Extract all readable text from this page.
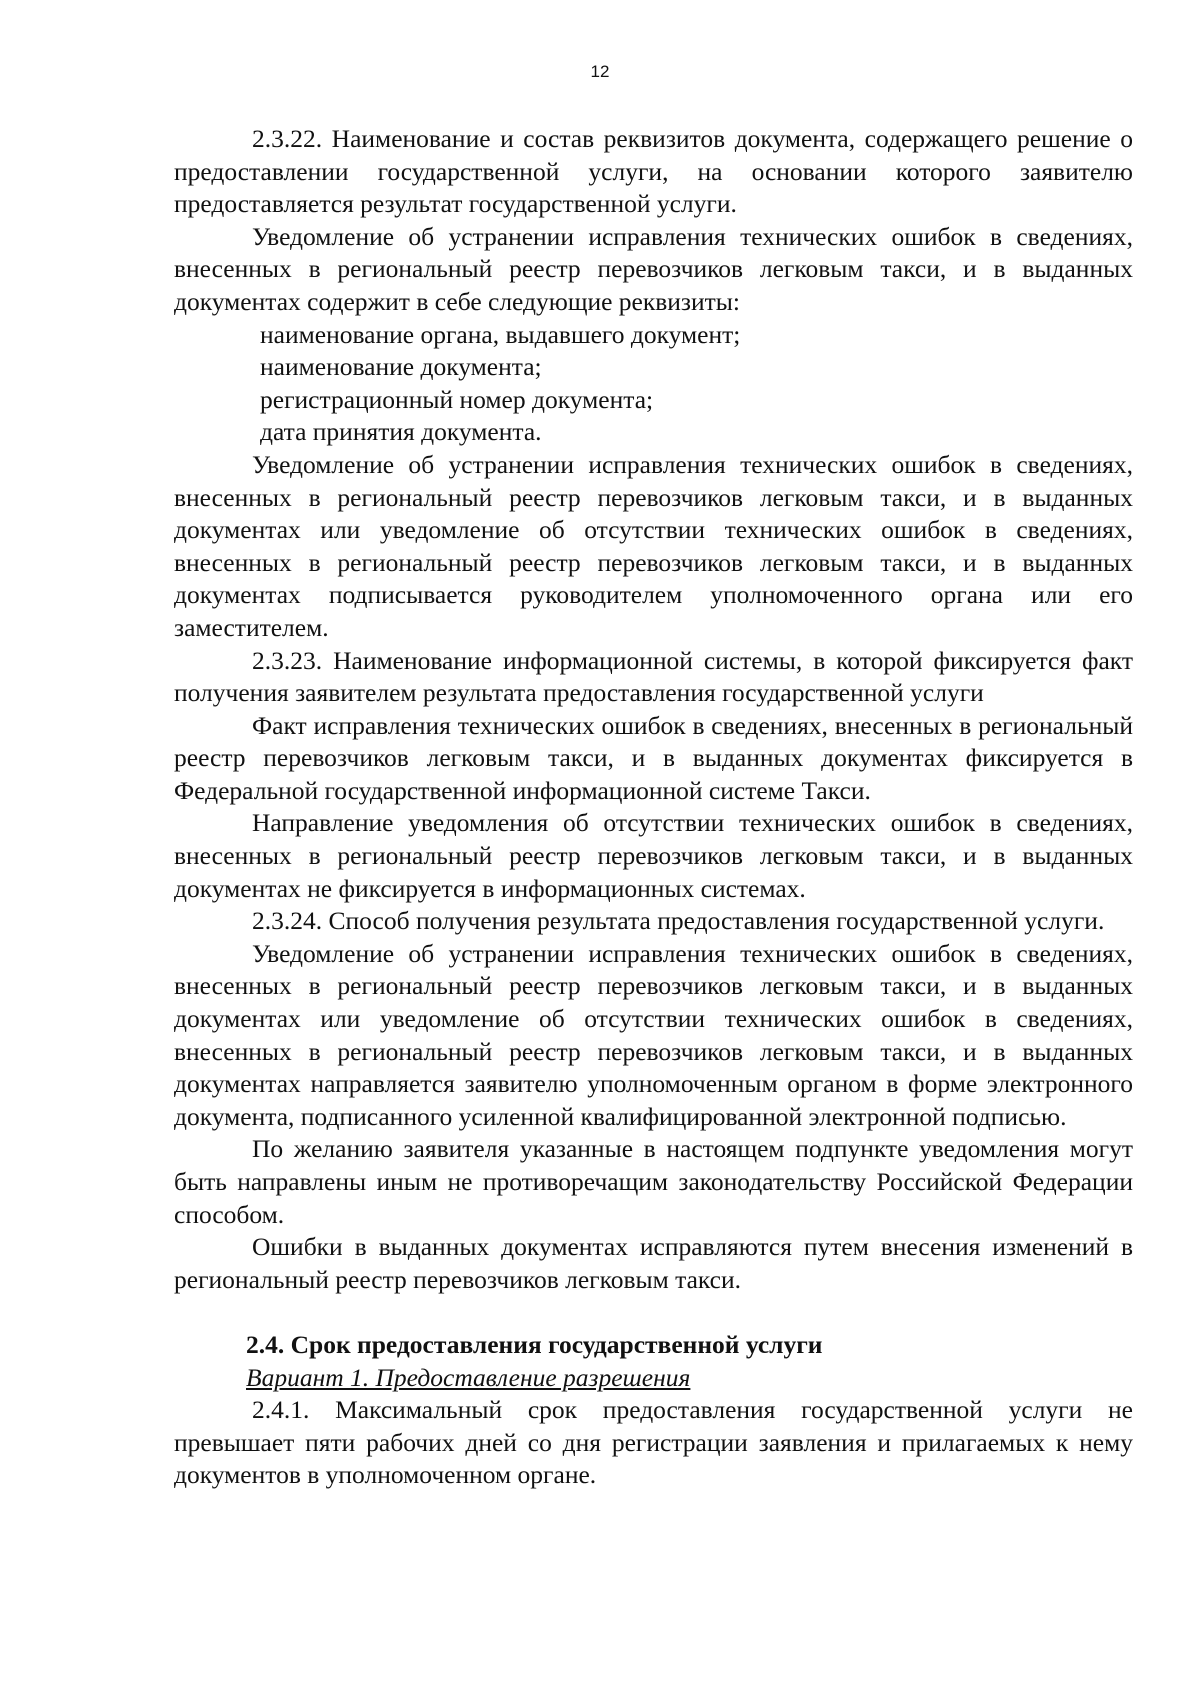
12

2.3.22. Наименование и состав реквизитов документа, содержащего решение о предоставлении государственной услуги, на основании которого заявителю предоставляется результат государственной услуги.

Уведомление об устранении исправления технических ошибок в сведениях, внесенных в региональный реестр перевозчиков легковым такси, и в выданных документах содержит в себе следующие реквизиты:

наименование органа, выдавшего документ;

наименование документа;

регистрационный номер документа;

дата принятия документа.

Уведомление об устранении исправления технических ошибок в сведениях, внесенных в региональный реестр перевозчиков легковым такси, и в выданных документах или уведомление об отсутствии технических ошибок в сведениях, внесенных в региональный реестр перевозчиков легковым такси, и в выданных документах подписывается руководителем уполномоченного органа или его заместителем.

2.3.23. Наименование информационной системы, в которой фиксируется факт получения заявителем результата предоставления государственной услуги

Факт исправления технических ошибок в сведениях, внесенных в региональный реестр перевозчиков легковым такси, и в выданных документах фиксируется в Федеральной государственной информационной системе Такси.

Направление уведомления об отсутствии технических ошибок в сведениях, внесенных в региональный реестр перевозчиков легковым такси, и в выданных документах не фиксируется в информационных системах.

2.3.24. Способ получения результата предоставления государственной услуги.

Уведомление об устранении исправления технических ошибок в сведениях, внесенных в региональный реестр перевозчиков легковым такси, и в выданных документах или уведомление об отсутствии технических ошибок в сведениях, внесенных в региональный реестр перевозчиков легковым такси, и в выданных документах направляется заявителю уполномоченным органом в форме электронного документа, подписанного усиленной квалифицированной электронной подписью.

По желанию заявителя указанные в настоящем подпункте уведомления могут быть направлены иным не противоречащим законодательству Российской Федерации способом.

Ошибки в выданных документах исправляются путем внесения изменений в региональный реестр перевозчиков легковым такси.

2.4. Срок предоставления государственной услуги

Вариант 1. Предоставление разрешения

2.4.1. Максимальный срок предоставления государственной услуги не превышает пяти рабочих дней со дня регистрации заявления и прилагаемых к нему документов в уполномоченном органе.
